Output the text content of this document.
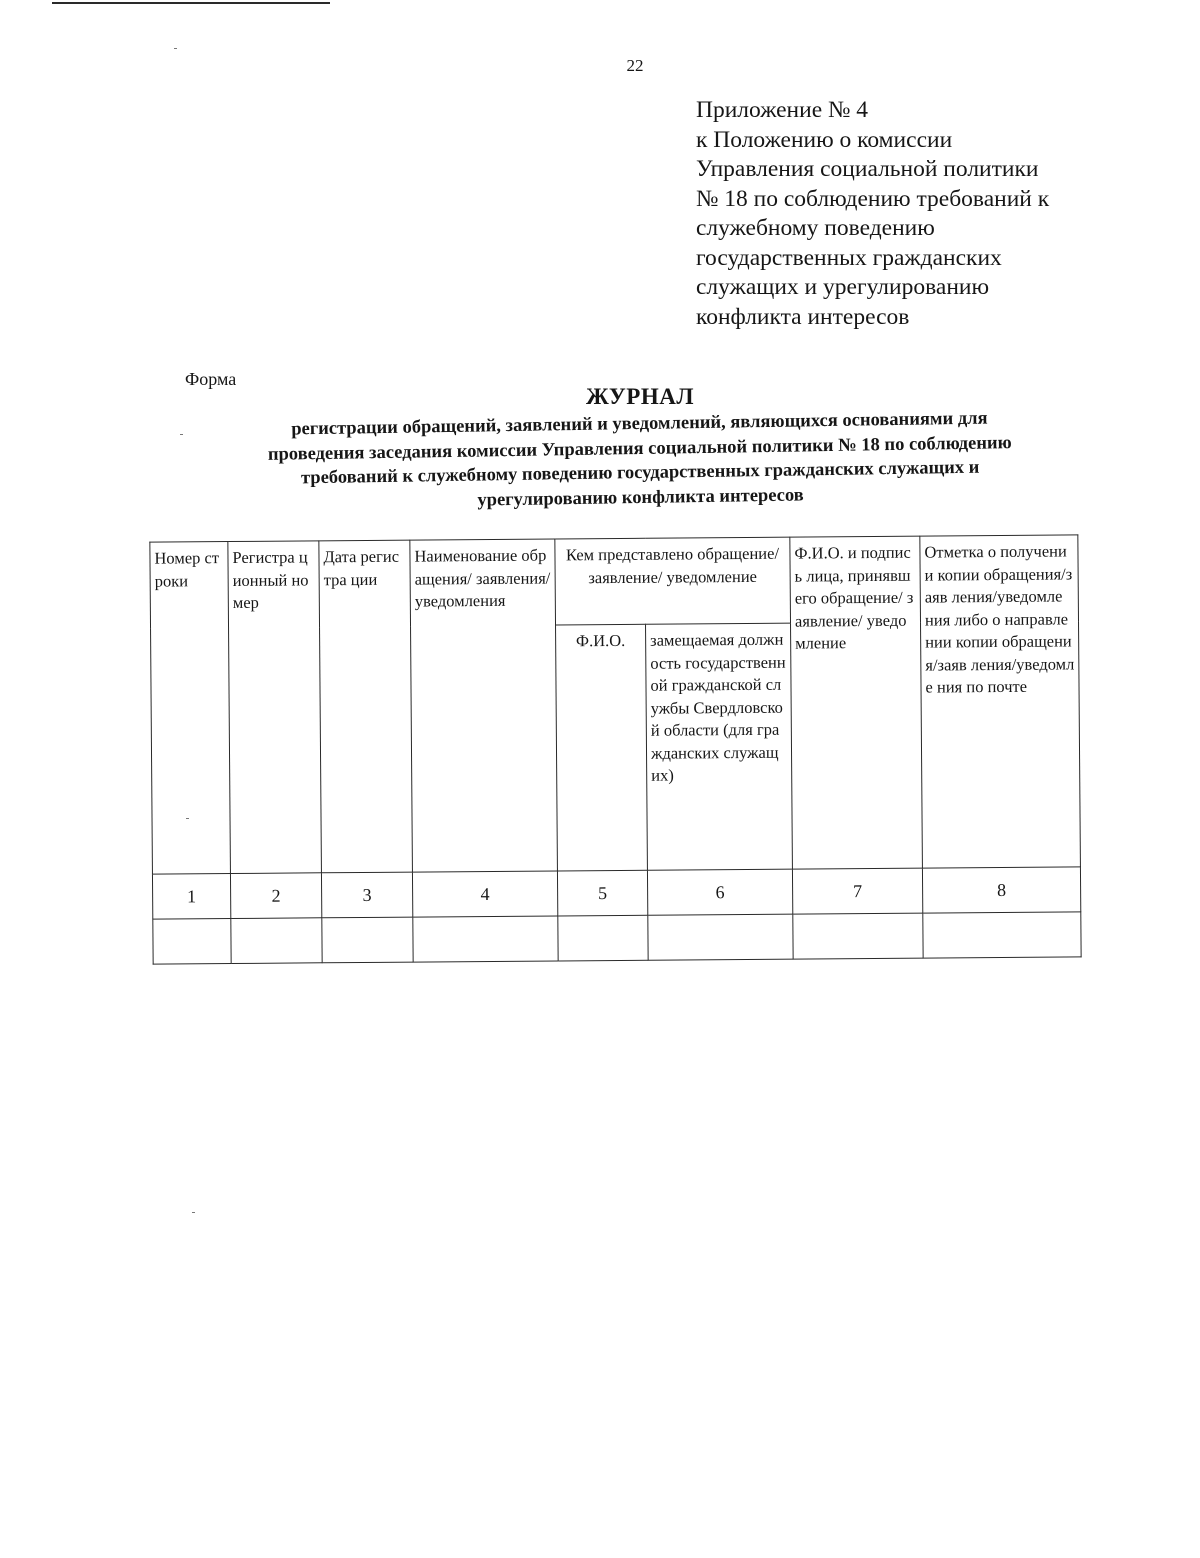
22
Приложение № 4
к Положению о комиссии
Управления социальной политики
№ 18 по соблюдению требований к
служебному поведению
государственных гражданских
служащих и урегулированию
конфликта интересов
Форма
ЖУРНАЛ
регистрации обращений, заявлений и уведомлений, являющихся основаниями для
проведения заседания комиссии Управления социальной политики № 18 по соблюдению
требований к служебному поведению государственных гражданских служащих и
урегулированию конфликта интересов
Номер строки	Регистра ционный номер	Дата регистра ции	Наименование обращения/ заявления/ уведомления	Кем представлено обращение/заявление/ уведомление		Ф.И.О. и подпись лица, принявшего обращение/ заявление/ уведомление	Отметка о получении копии обращения/заяв ления/уведомле ния либо о направлении копии обращения/заяв ления/уведомле ния по почте
				Ф.И.О.	замещаемая должность государственн ой гражданской службы Свердловской области (для гражданских служащих)		
1	2	3	4	5	6	7	8
